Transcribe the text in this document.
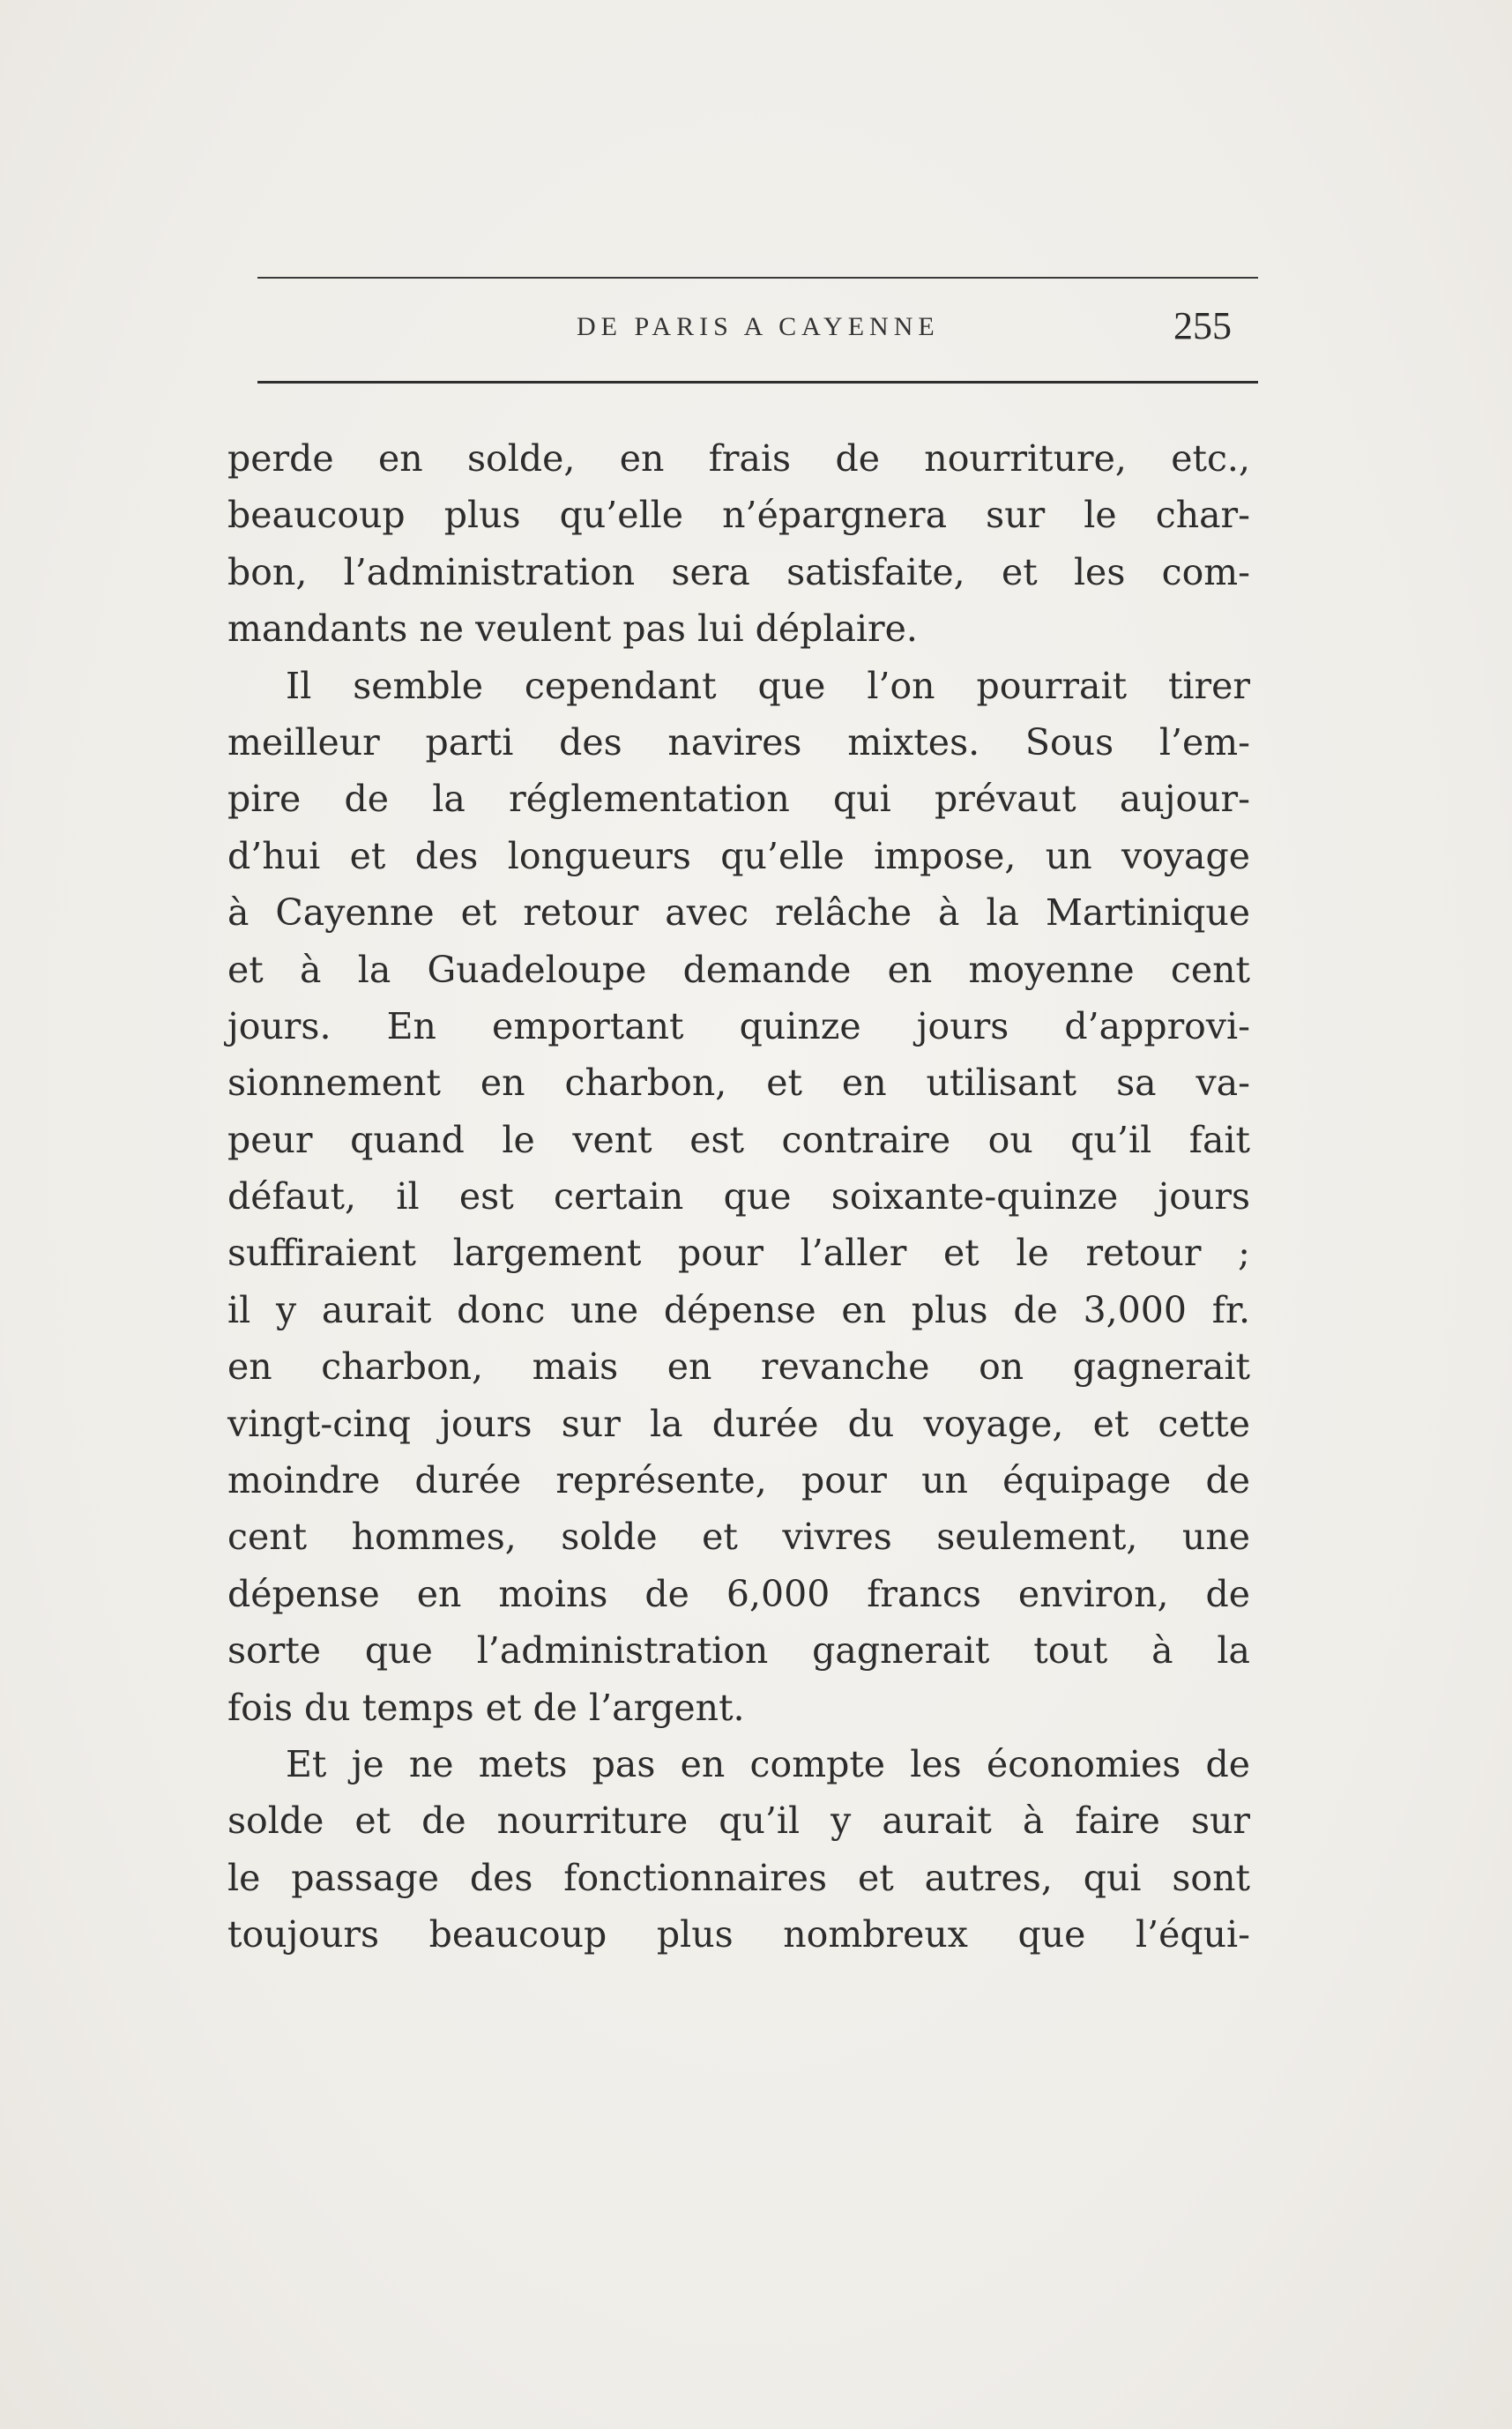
DE PARIS A CAYENNE	255
perde en solde, en frais de nourriture, etc.,
beaucoup plus qu’elle n’épargnera sur le char-
bon, l’administration sera satisfaite, et les com-
mandants ne veulent pas lui déplaire.
Il semble cependant que l’on pourrait tirer
meilleur parti des navires mixtes. Sous l’em-
pire de la réglementation qui prévaut aujour-
d’hui et des longueurs qu’elle impose, un voyage
à Cayenne et retour avec relâche à la Martinique
et à la Guadeloupe demande en moyenne cent
jours. En emportant quinze jours d’approvi-
sionnement en charbon, et en utilisant sa va-
peur quand le vent est contraire ou qu’il fait
défaut, il est certain que soixante-quinze jours
suffiraient largement pour l’aller et le retour ;
il y aurait donc une dépense en plus de 3,000 fr.
en charbon, mais en revanche on gagnerait
vingt-cinq jours sur la durée du voyage, et cette
moindre durée représente, pour un équipage de
cent hommes, solde et vivres seulement, une
dépense en moins de 6,000 francs environ, de
sorte que l’administration gagnerait tout à la
fois du temps et de l’argent.
Et je ne mets pas en compte les économies de
solde et de nourriture qu’il y aurait à faire sur
le passage des fonctionnaires et autres, qui sont
toujours beaucoup plus nombreux que l’équi-
